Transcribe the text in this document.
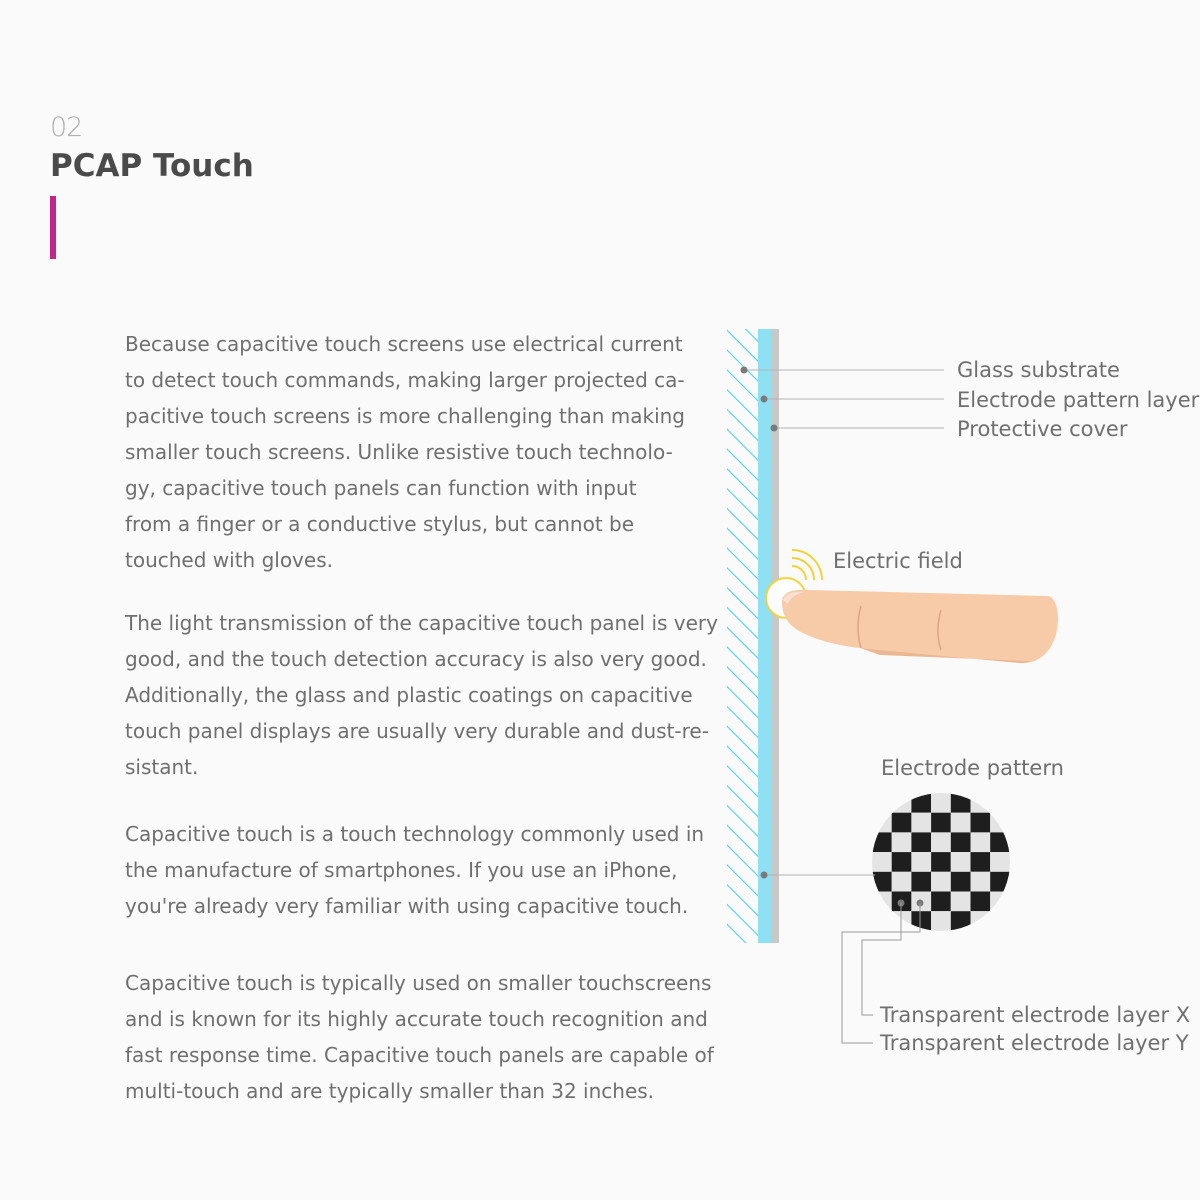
02
PCAP Touch

Because capacitive touch screens use electrical current
to detect touch commands, making larger projected ca-
pacitive touch screens is more challenging than making
smaller touch screens. Unlike resistive touch technolo-
gy, capacitive touch panels can function with input
from a finger or a conductive stylus, but cannot be
touched with gloves.

The light transmission of the capacitive touch panel is very
good, and the touch detection accuracy is also very good.
Additionally, the glass and plastic coatings on capacitive
touch panel displays are usually very durable and dust-re-
sistant.

Capacitive touch is a touch technology commonly used in
the manufacture of smartphones. If you use an iPhone,
you're already very familiar with using capacitive touch.

Capacitive touch is typically used on smaller touchscreens
and is known for its highly accurate touch recognition and
fast response time. Capacitive touch panels are capable of
multi-touch and are typically smaller than 32 inches.

Glass substrate
Electrode pattern layer
Protective cover
Electric field
Electrode pattern
Transparent electrode layer X
Transparent electrode layer Y
